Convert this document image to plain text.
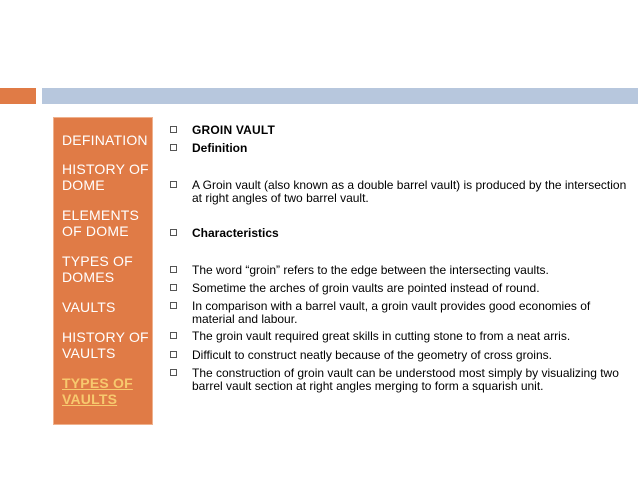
DEFINATION
HISTORY OF DOME
ELEMENTS OF DOME
TYPES OF DOMES
VAULTS
HISTORY OF VAULTS
TYPES OF VAULTS
GROIN VAULT
Definition
A Groin vault (also known as a double barrel vault) is produced by the intersection at right angles of two barrel vault.
Characteristics
The word “groin” refers to the edge between the intersecting vaults.
Sometime the arches of groin vaults are pointed instead of round.
In comparison with a barrel vault, a groin vault provides good economies of material and labour.
The groin vault required great skills in cutting stone to from a neat arris.
Difficult to construct neatly because of the geometry of cross groins.
The construction of groin vault can be understood most simply by visualizing two barrel vault section at right angles merging to form a squarish unit.
